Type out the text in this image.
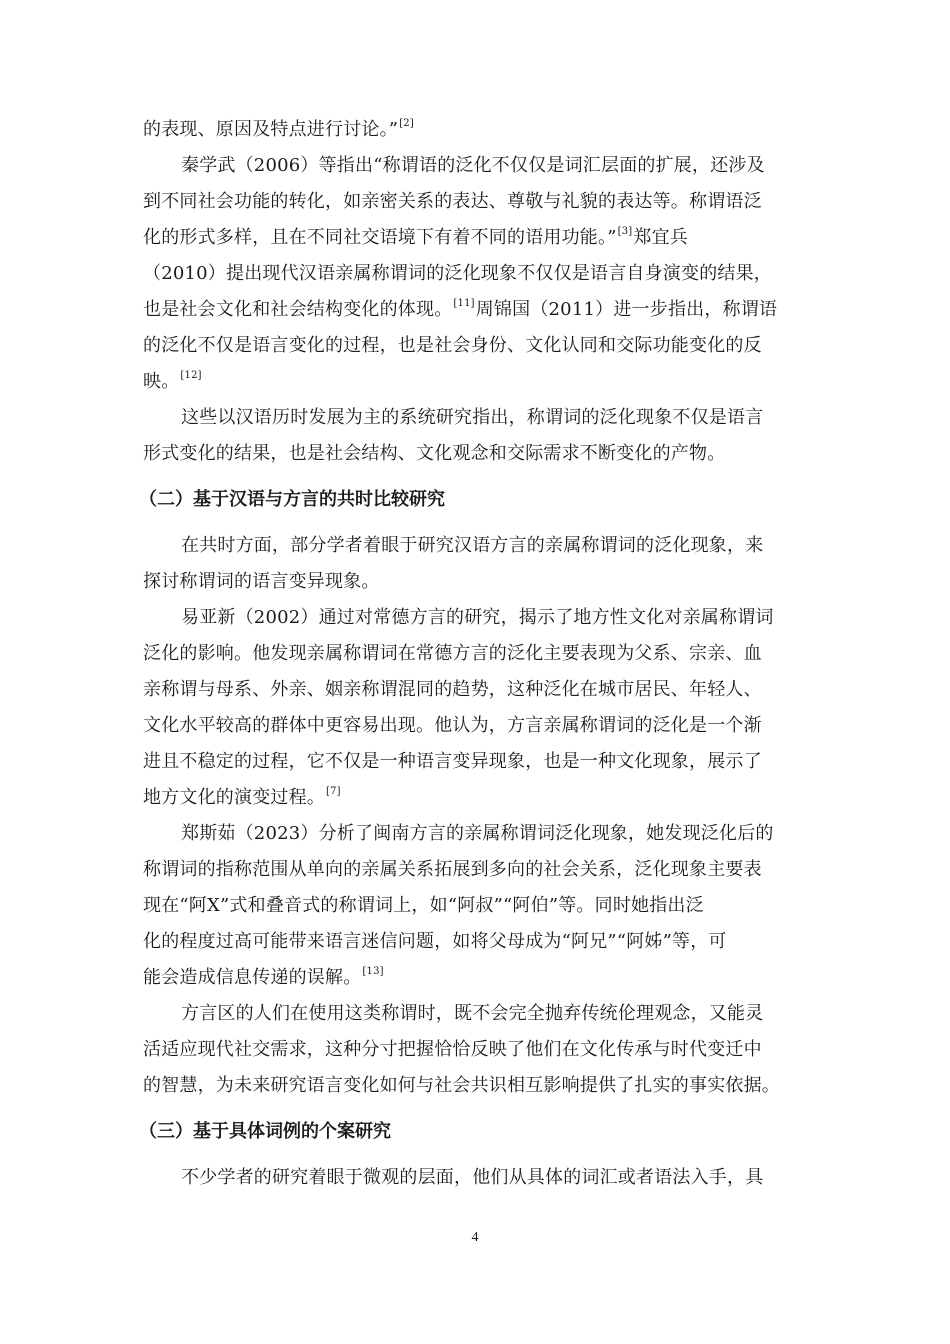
的表现、原因及特点进行讨论。”[2]
秦学武（2006）等指出“称谓语的泛化不仅仅是词汇层面的扩展，还涉及
到不同社会功能的转化，如亲密关系的表达、尊敬与礼貌的表达等。称谓语泛
化的形式多样，且在不同社交语境下有着不同的语用功能。”[3]郑宜兵
（2010）提出现代汉语亲属称谓词的泛化现象不仅仅是语言自身演变的结果，
也是社会文化和社会结构变化的体现。[11]周锦国（2011）进一步指出，称谓语
的泛化不仅是语言变化的过程，也是社会身份、文化认同和交际功能变化的反
映。[12]
这些以汉语历时发展为主的系统研究指出，称谓词的泛化现象不仅是语言
形式变化的结果，也是社会结构、文化观念和交际需求不断变化的产物。
（二）基于汉语与方言的共时比较研究
在共时方面，部分学者着眼于研究汉语方言的亲属称谓词的泛化现象，来
探讨称谓词的语言变异现象。
易亚新（2002）通过对常德方言的研究，揭示了地方性文化对亲属称谓词
泛化的影响。他发现亲属称谓词在常德方言的泛化主要表现为父系、宗亲、血
亲称谓与母系、外亲、姻亲称谓混同的趋势，这种泛化在城市居民、年轻人、
文化水平较高的群体中更容易出现。他认为，方言亲属称谓词的泛化是一个渐
进且不稳定的过程，它不仅是一种语言变异现象，也是一种文化现象，展示了
地方文化的演变过程。[7]
郑斯茹（2023）分析了闽南方言的亲属称谓词泛化现象，她发现泛化后的
称谓词的指称范围从单向的亲属关系拓展到多向的社会关系，泛化现象主要表
现在“阿X”式和叠音式的称谓词上，如“阿叔”“阿伯”等。同时她指出泛
化的程度过高可能带来语言迷信问题，如将父母成为“阿兄”“阿姊”等，可
能会造成信息传递的误解。[13]
方言区的人们在使用这类称谓时，既不会完全抛弃传统伦理观念，又能灵
活适应现代社交需求，这种分寸把握恰恰反映了他们在文化传承与时代变迁中
的智慧，为未来研究语言变化如何与社会共识相互影响提供了扎实的事实依据。
（三）基于具体词例的个案研究
不少学者的研究着眼于微观的层面，他们从具体的词汇或者语法入手，具
4
